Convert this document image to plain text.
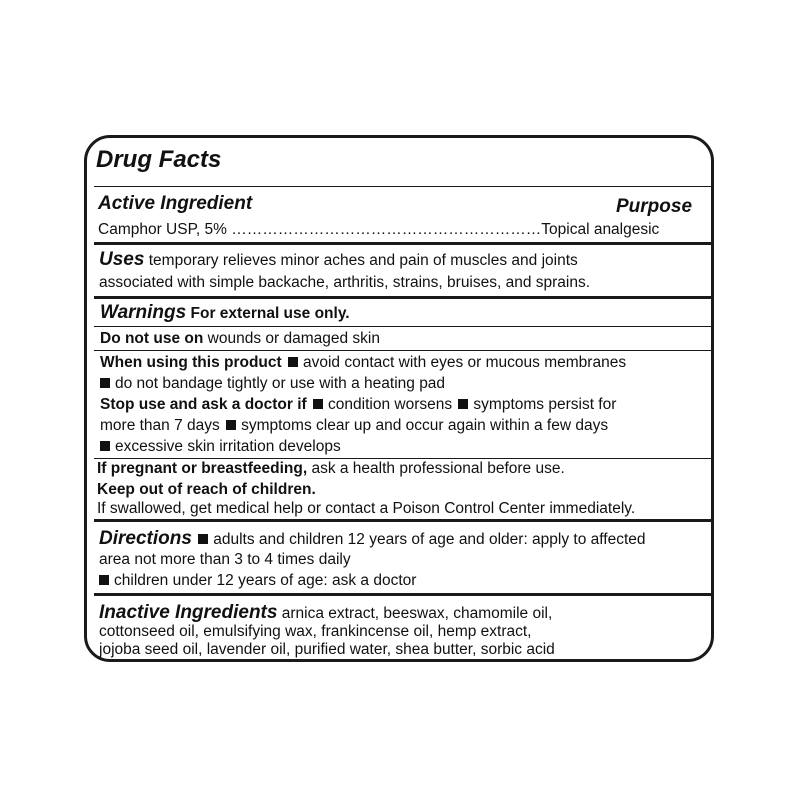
Drug Facts
Active Ingredient	Purpose
Camphor USP, 5% ……………………………………………………Topical analgesic
Uses temporary relieves minor aches and pain of muscles and joints
associated with simple backache, arthritis, strains, bruises, and sprains.
Warnings For external use only.
Do not use on wounds or damaged skin
When using this product avoid contact with eyes or mucous membranes
do not bandage tightly or use with a heating pad
Stop use and ask a doctor if condition worsens symptoms persist for
more than 7 days symptoms clear up and occur again within a few days
excessive skin irritation develops
If pregnant or breastfeeding, ask a health professional before use.
Keep out of reach of children.
If swallowed, get medical help or contact a Poison Control Center immediately.
Directions adults and children 12 years of age and older: apply to affected
area not more than 3 to 4 times daily
children under 12 years of age: ask a doctor
Inactive Ingredients arnica extract, beeswax, chamomile oil,
cottonseed oil, emulsifying wax, frankincense oil, hemp extract,
jojoba seed oil, lavender oil, purified water, shea butter, sorbic acid
